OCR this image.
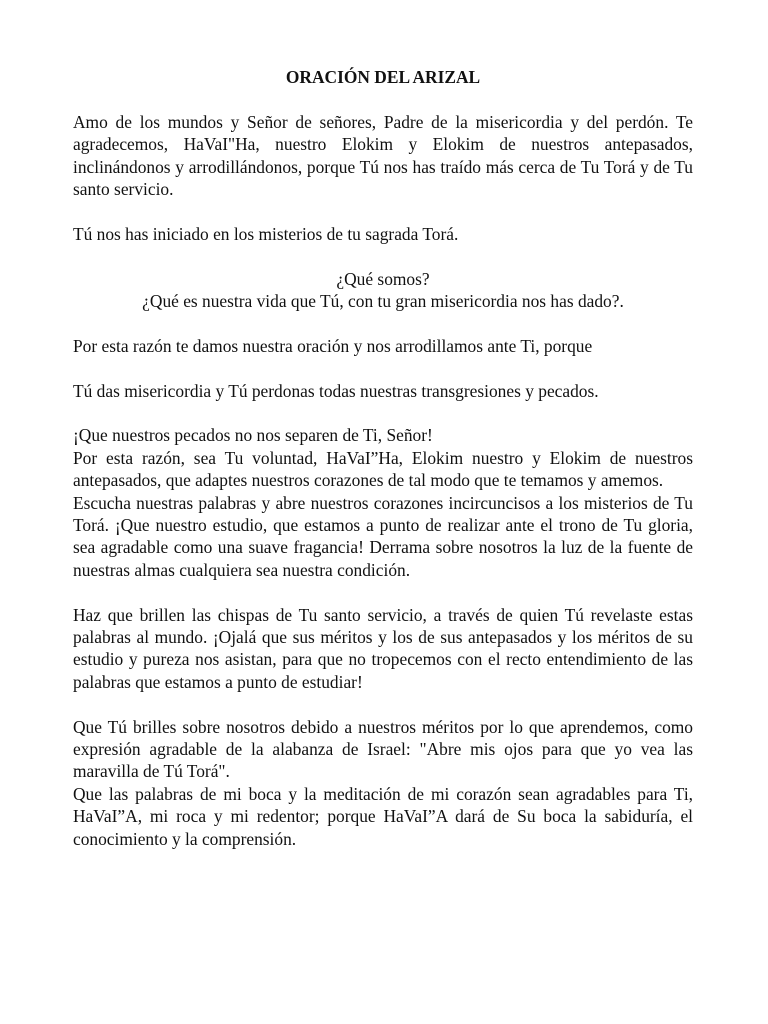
ORACIÓN DEL ARIZAL

Amo de los mundos y Señor de señores, Padre de la misericordia y del perdón. Te agradecemos, HaVaI"Ha, nuestro Elokim y Elokim de nuestros antepasados, inclinándonos y arrodillándonos, porque Tú nos has traído más cerca de Tu Torá y de Tu santo servicio.

Tú nos has iniciado en los misterios de tu sagrada Torá.

¿Qué somos?

¿Qué es nuestra vida que Tú, con tu gran misericordia nos has dado?.

Por esta razón te damos nuestra oración y nos arrodillamos ante Ti, porque

Tú das misericordia y Tú perdonas todas nuestras transgresiones y pecados.

¡Que nuestros pecados no nos separen de Ti, Señor!

Por esta razón, sea Tu voluntad, HaVaI”Ha, Elokim nuestro y Elokim de nuestros antepasados, que adaptes nuestros corazones de tal modo que te temamos y amemos.

Escucha nuestras palabras y abre nuestros corazones incircuncisos a los misterios de Tu Torá. ¡Que nuestro estudio, que estamos a punto de realizar ante el trono de Tu gloria, sea agradable como una suave fragancia! Derrama sobre nosotros la luz de la fuente de nuestras almas cualquiera sea nuestra condición.

Haz que brillen las chispas de Tu santo servicio, a través de quien Tú revelaste estas palabras al mundo. ¡Ojalá que sus méritos y los de sus antepasados y los méritos de su estudio y pureza nos asistan, para que no tropecemos con el recto entendimiento de las palabras que estamos a punto de estudiar!

Que Tú brilles sobre nosotros debido a nuestros méritos por lo que aprendemos, como expresión agradable de la alabanza de Israel: "Abre mis ojos para que yo vea las maravilla de Tú Torá".

Que las palabras de mi boca y la meditación de mi corazón sean agradables para Ti, HaVaI”A, mi roca y mi redentor; porque HaVaI”A dará de Su boca la sabiduría, el conocimiento y la comprensión.
